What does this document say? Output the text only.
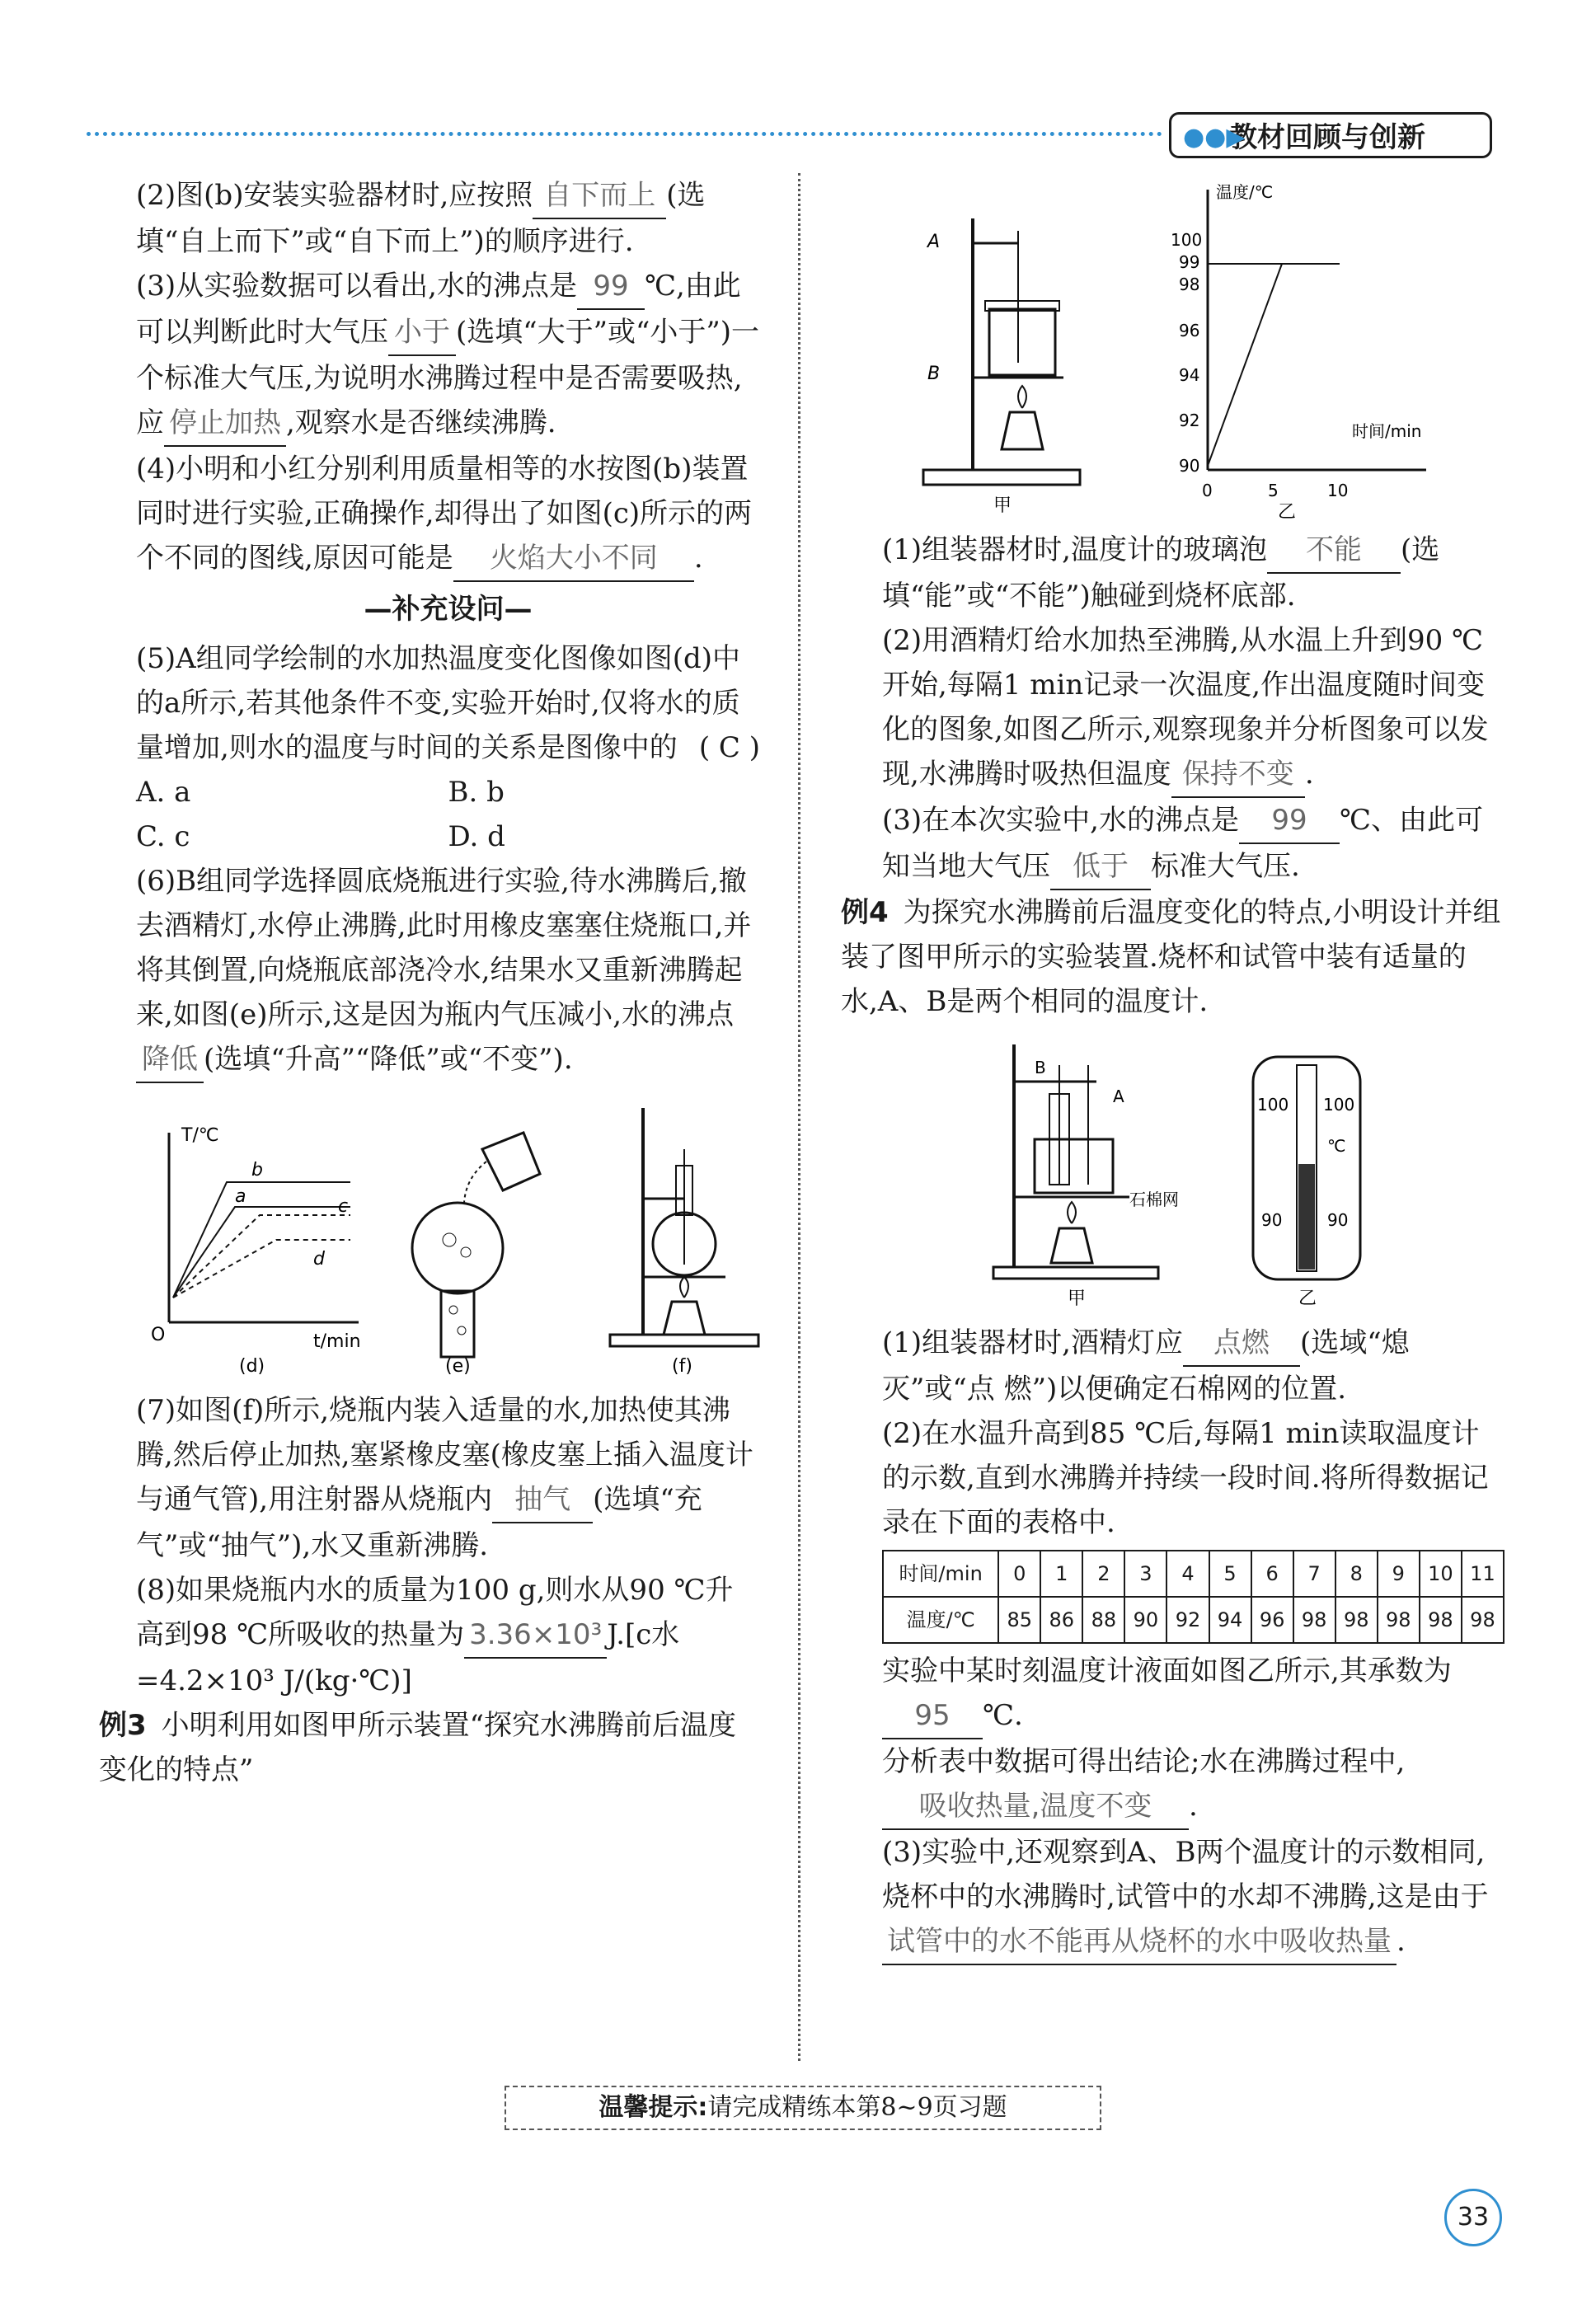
●●▶
教材回顾与创新

(2)图(b)安装实验器材时,应按照 自下而上 (选填“自上而下”或“自下而上”)的顺序进行.

(3)从实验数据可以看出,水的沸点是 99 ℃,由此可以判断此时大气压 小于 (选填“大于”或“小于”)一个标准大气压,为说明水沸腾过程中是否需要吸热,应 停止加热 ,观察水是否继续沸腾.

(4)小明和小红分别利用质量相等的水按图(b)装置同时进行实验,正确操作,却得出了如图(c)所示的两个不同的图线,原因可能是 火焰大小不同 .

—补充设问—

(5)A组同学绘制的水加热温度变化图像如图(d)中的a所示,若其他条件不变,实验开始时,仅将水的质量增加,则水的温度与时间的关系是图像中的 ( C )

A. a	B. b
C. c	D. d

(6)B组同学选择圆底烧瓶进行实验,待水沸腾后,撤去酒精灯,水停止沸腾,此时用橡皮塞塞住烧瓶口,并将其倒置,向烧瓶底部浇冷水,结果水又重新沸腾起来,如图(e)所示,这是因为瓶内气压减小,水的沸点降低 (选填“升高”“降低”或“不变”).

T/℃
t/min
O
b
a	c
d
(d)	(e)	(f)

(7)如图(f)所示,烧瓶内装入适量的水,加热使其沸腾,然后停止加热,塞紧橡皮塞(橡皮塞上插入温度计与通气管),用注射器从烧瓶内 抽气 (选填“充气”或“抽气”),水又重新沸腾.

(8)如果烧瓶内水的质量为100 g,则水从90 ℃升高到98 ℃所吸收的热量为 3.36×10³ J.[c水=4.2×10³ J/(kg·℃)]

例3 小明利用如图甲所示装置“探究水沸腾前后温度变化的特点”

A
B
甲
温度/℃
时间/min
100
99
98
96
94
92
90
0	5	10
乙

(1)组装器材时,温度计的玻璃泡 不能 (选填“能”或“不能”)触碰到烧杯底部.

(2)用酒精灯给水加热至沸腾,从水温上升到90 ℃开始,每隔1 min记录一次温度,作出温度随时间变化的图象,如图乙所示,观察现象并分析图象可以发现,水沸腾时吸热但温度 保持不变 .

(3)在本次实验中,水的沸点是 99 ℃、由此可知当地大气压 低于 标准大气压.

例4 为探究水沸腾前后温度变化的特点,小明设计并组装了图甲所示的实验装置.烧杯和试管中装有适量的水,A、B是两个相同的温度计.

B
A
石棉网
甲
100 100
℃
90	90
乙

(1)组装器材时,酒精灯应 点燃 (选域“熄灭”或“点 燃”)以便确定石棉网的位置.

(2)在水温升高到85 ℃后,每隔1 min读取温度计的示数,直到水沸腾并持续一段时间.将所得数据记录在下面的表格中.

时间/min	0	1	2	3	4	5	6	7	8	9	10	11
温度/℃	85	86	88	90	92	94	96	98	98	98	98	98

实验中某时刻温度计液面如图乙所示,其承数为95 ℃.

分析表中数据可得出结论;水在沸腾过程中,吸收热量,温度不变 .

(3)实验中,还观察到A、B两个温度计的示数相同,烧杯中的水沸腾时,试管中的水却不沸腾,这是由于试管中的水不能再从烧杯的水中吸收热量 .

温馨提示:请完成精练本第8~9页习题
33
